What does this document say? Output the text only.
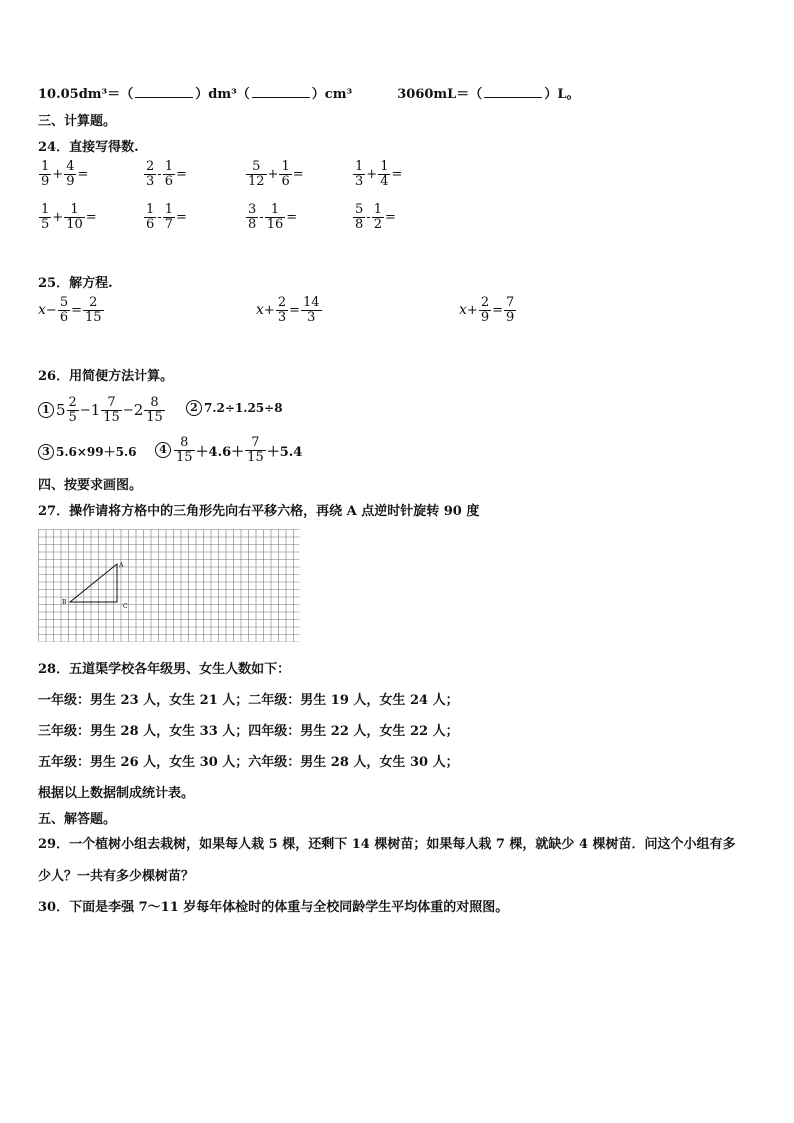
10.05dm³＝（	）dm³（	）cm³	3060mL＝（	）L。
三、计算题。
24．直接写得数.
$\frac{1}{9} + \frac{4}{9}$ =	$\frac{2}{3} - \frac{1}{6}$ =	$\frac{5}{12} + \frac{1}{6}$ =	$\frac{1}{3} + \frac{1}{4}$ =
$\frac{1}{5} + \frac{1}{10}$ =	$\frac{1}{6} - \frac{1}{7}$ =	$\frac{3}{8} - \frac{1}{16}$ =	$\frac{5}{8} - \frac{1}{2}$ =
25．解方程.
$x - \frac{5}{6} = \frac{2}{15}$	$x + \frac{2}{3} = \frac{14}{3}$	$x + \frac{2}{9} = \frac{7}{9}$
26．用简便方法计算。
1 $5 \frac{2}{5} - 1 \frac{7}{15} - 2 \frac{8}{15}$	2 7.2÷1.25÷8
3 5.6×99＋5.6	$4 \frac{8}{15} +4.6+ \frac{7}{15} +5.4$
四、按要求画图。
27．操作请将方格中的三角形先向右平移六格，再绕 A 点逆时针旋转 90 度
A
B
C
28．五道渠学校各年级男、女生人数如下：
一年级：男生 23 人，女生 21 人；二年级：男生 19 人，女生 24 人；
三年级：男生 28 人，女生 33 人；四年级：男生 22 人，女生 22 人；
五年级：男生 26 人，女生 30 人；六年级：男生 28 人，女生 30 人；
根据以上数据制成统计表。
五、解答题。
29．一个植树小组去栽树，如果每人栽 5 棵，还剩下 14 棵树苗；如果每人栽 7 棵，就缺少 4 棵树苗．问这个小组有多
少人？一共有多少棵树苗？
30．下面是李强 7～11 岁每年体检时的体重与全校同龄学生平均体重的对照图。
